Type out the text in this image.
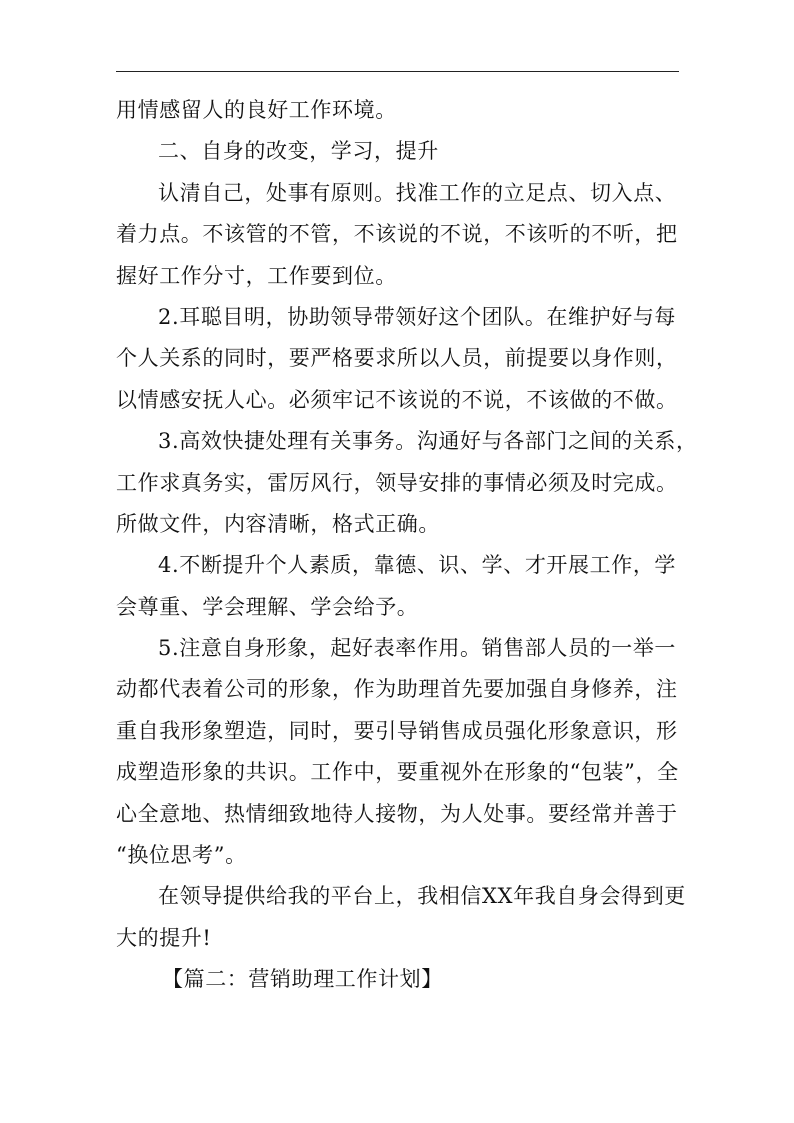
用情感留人的良好工作环境。
二、自身的改变，学习，提升
认清自己，处事有原则。找准工作的立足点、切入点、
着力点。不该管的不管，不该说的不说，不该听的不听，把
握好工作分寸，工作要到位。
2.耳聪目明，协助领导带领好这个团队。在维护好与每
个人关系的同时，要严格要求所以人员，前提要以身作则，
以情感安抚人心。必须牢记不该说的不说，不该做的不做。
3.高效快捷处理有关事务。沟通好与各部门之间的关系，
工作求真务实，雷厉风行，领导安排的事情必须及时完成。
所做文件，内容清晰，格式正确。
4.不断提升个人素质，靠德、识、学、才开展工作，学
会尊重、学会理解、学会给予。
5.注意自身形象，起好表率作用。销售部人员的一举一
动都代表着公司的形象，作为助理首先要加强自身修养，注
重自我形象塑造，同时，要引导销售成员强化形象意识，形
成塑造形象的共识。工作中，要重视外在形象的“包装”，全
心全意地、热情细致地待人接物，为人处事。要经常并善于
“换位思考”。
在领导提供给我的平台上，我相信XX年我自身会得到更
大的提升!
【篇二：营销助理工作计划】
